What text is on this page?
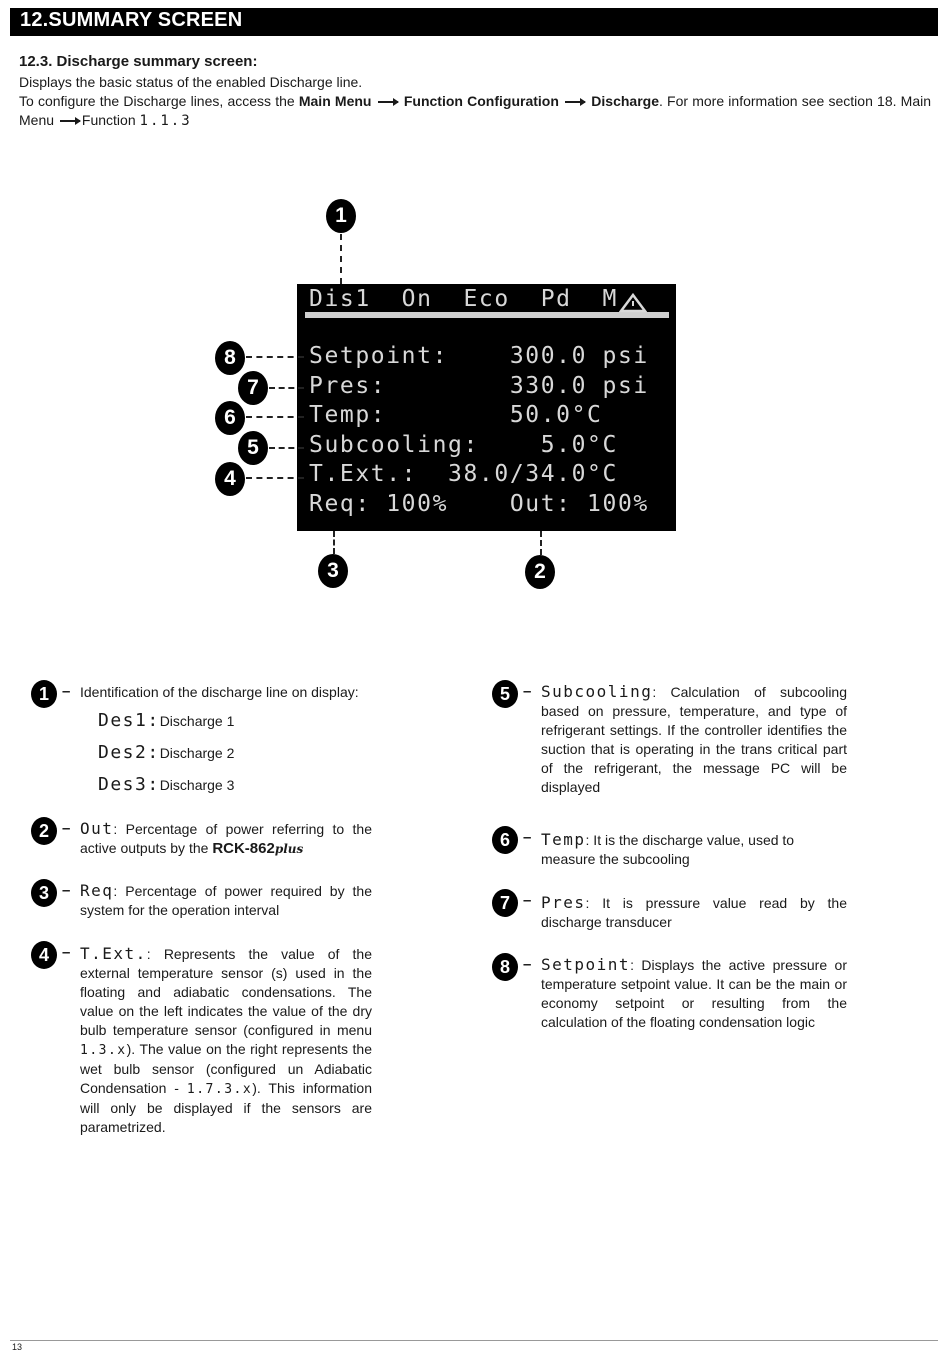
12.SUMMARY SCREEN
12.3. Discharge summary screen:
Displays the basic status of the enabled Discharge line.
To configure the Discharge lines, access the Main Menu Function Configuration Discharge. For more information see section 18. Main Menu Function 1.1.3
Dis1  On  Eco  Pd  M
Setpoint:    300.0 psi
Pres:        330.0 psi
Temp:        50.0°C
Subcooling:    5.0°C
T.Ext.:  38.0/34.0°C
Req: 100%    Out: 100%
1
8
7
6
5
4
3	2
1 – Identification of the discharge line on display:
Des1:Discharge 1
Des2:Discharge 2
Des3:Discharge 3
2 – Out: Percentage of power referring to the active outputs by the RCK-862plus
3 – Req: Percentage of power required by the system for the operation interval
4 – T.Ext.: Represents the value of the external temperature sensor (s) used in the floating and adiabatic condensations. The value on the left indicates the value of the dry bulb temperature sensor (configured in menu 1.3.x). The value on the right represents the wet bulb sensor (configured un Adiabatic Condensation - 1.7.3.x). This information will only be displayed if the sensors are parametrized.
5 – Subcooling: Calculation of subcooling based on pressure, temperature, and type of refrigerant settings. If the controller identifies the suction that is operating in the trans critical part of the refrigerant, the message PC will be displayed
6 – Temp: It is the discharge value, used to measure the subcooling
7 – Pres: It is pressure value read by the discharge transducer
8 – Setpoint: Displays the active pressure or temperature setpoint value. It can be the main or economy setpoint or resulting from the calculation of the floating condensation logic
13
